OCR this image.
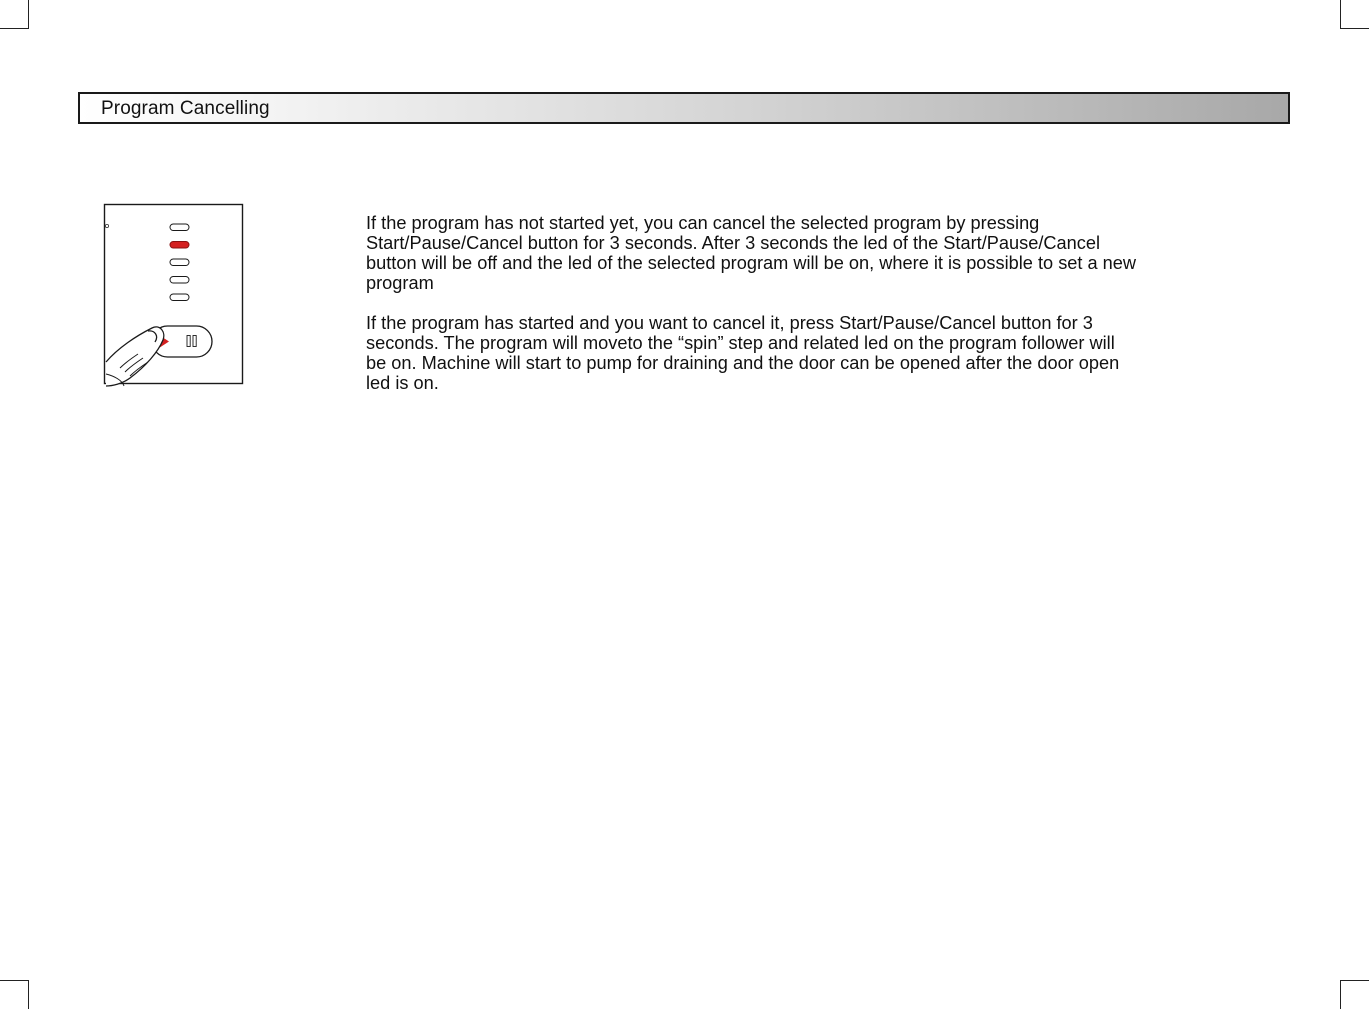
Program Cancelling

If the program has not started yet, you can cancel the selected program by pressing
Start/Pause/Cancel button for 3 seconds. After 3 seconds the led of the Start/Pause/Cancel
button will be off and the led of the selected program will be on, where it is possible to set a new
program

If the program has started and you want to cancel it, press Start/Pause/Cancel button for 3
seconds. The program will moveto the “spin” step and related led on the program follower will
be on. Machine will start to pump for draining and the door can be opened after the door open
led is on.
